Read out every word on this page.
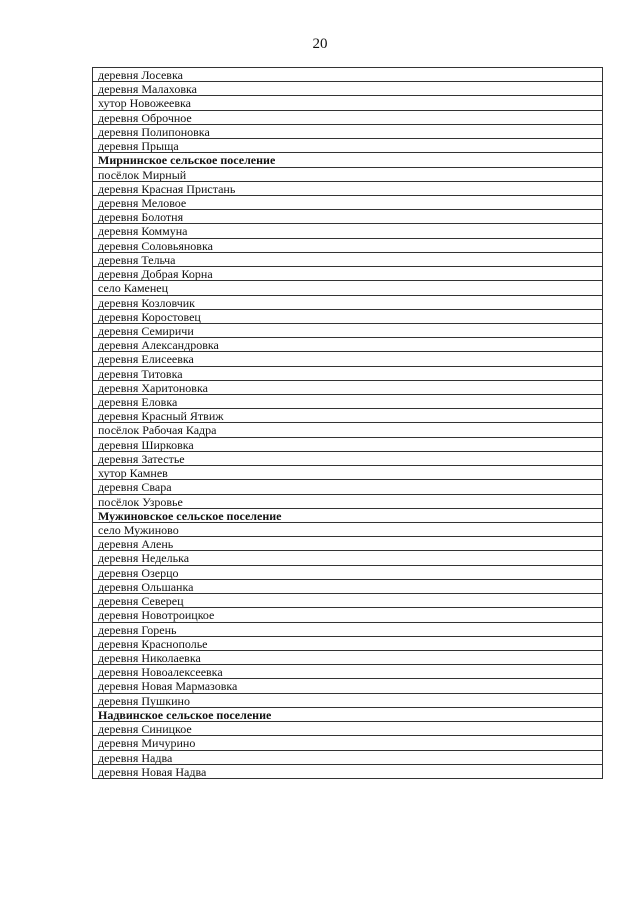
20
деревня Лосевка
деревня Малаховка
хутор Новожеевка
деревня Оброчное
деревня Полипоновка
деревня Прыща
Мирнинское сельское поселение
посёлок Мирный
деревня Красная Пристань
деревня Меловое
деревня Болотня
деревня Коммуна
деревня Соловьяновка
деревня Тельча
деревня Добрая Корна
село Каменец
деревня Козловчик
деревня Коростовец
деревня Семиричи
деревня Александровка
деревня Елисеевка
деревня Титовка
деревня Харитоновка
деревня Еловка
деревня Красный Ятвиж
посёлок Рабочая Кадра
деревня Ширковка
деревня Затестье
хутор Камнев
деревня Свара
посёлок Узровье
Мужиновское сельское поселение
село Мужиново
деревня Алень
деревня Неделька
деревня Озерцо
деревня Ольшанка
деревня Северец
деревня Новотроицкое
деревня Горень
деревня Краснополье
деревня Николаевка
деревня Новоалексеевка
деревня Новая Мармазовка
деревня Пушкино
Надвинское сельское поселение
деревня Синицкое
деревня Мичурино
деревня Надва
деревня Новая Надва
